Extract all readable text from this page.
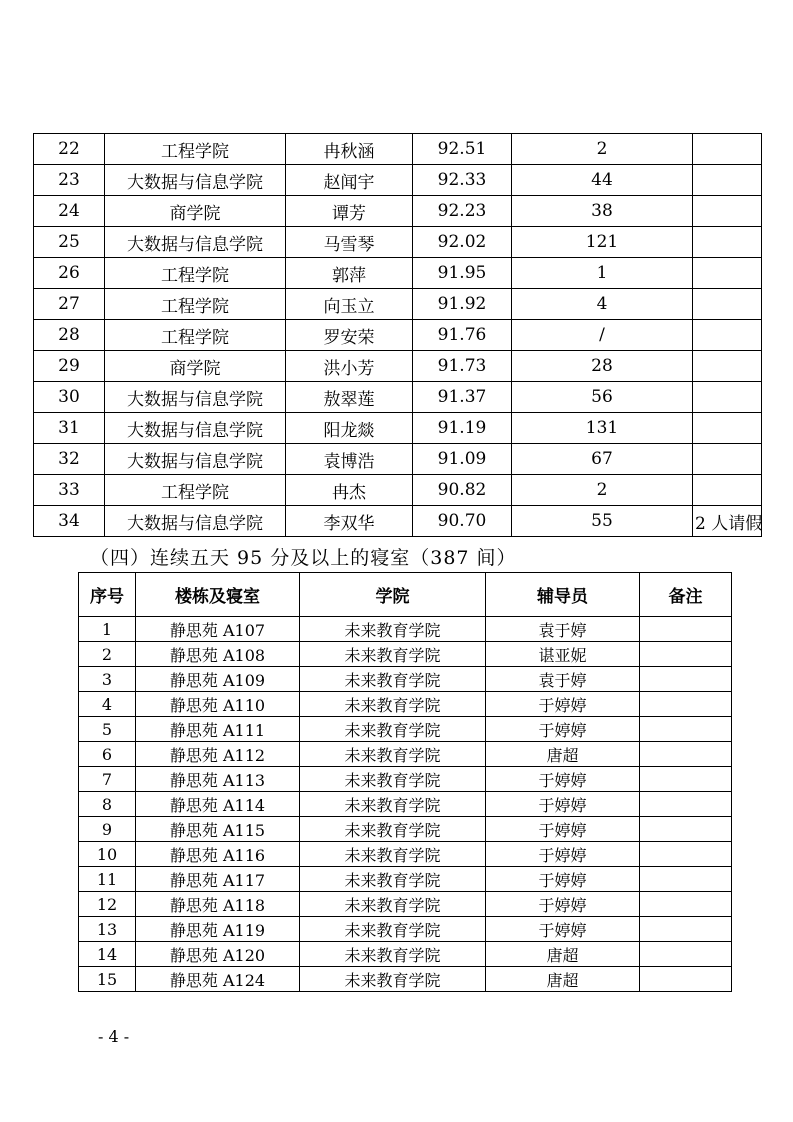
22	工程学院	冉秋涵	92.51	2	
23	大数据与信息学院	赵闻宇	92.33	44	
24	商学院	谭芳	92.23	38	
25	大数据与信息学院	马雪琴	92.02	121	
26	工程学院	郭萍	91.95	1	
27	工程学院	向玉立	91.92	4	
28	工程学院	罗安荣	91.76	/	
29	商学院	洪小芳	91.73	28	
30	大数据与信息学院	敖翠莲	91.37	56	
31	大数据与信息学院	阳龙燚	91.19	131	
32	大数据与信息学院	袁博浩	91.09	67	
33	工程学院	冉杰	90.82	2	
34	大数据与信息学院	李双华	90.70	55	2 人请假
（四）连续五天 95 分及以上的寝室（387 间）
序号	楼栋及寝室	学院	辅导员	备注
1	静思苑 A107	未来教育学院	袁于婷	
2	静思苑 A108	未来教育学院	谌亚妮	
3	静思苑 A109	未来教育学院	袁于婷	
4	静思苑 A110	未来教育学院	于婷婷	
5	静思苑 A111	未来教育学院	于婷婷	
6	静思苑 A112	未来教育学院	唐超	
7	静思苑 A113	未来教育学院	于婷婷	
8	静思苑 A114	未来教育学院	于婷婷	
9	静思苑 A115	未来教育学院	于婷婷	
10	静思苑 A116	未来教育学院	于婷婷	
11	静思苑 A117	未来教育学院	于婷婷	
12	静思苑 A118	未来教育学院	于婷婷	
13	静思苑 A119	未来教育学院	于婷婷	
14	静思苑 A120	未来教育学院	唐超	
15	静思苑 A124	未来教育学院	唐超	
- 4 -
